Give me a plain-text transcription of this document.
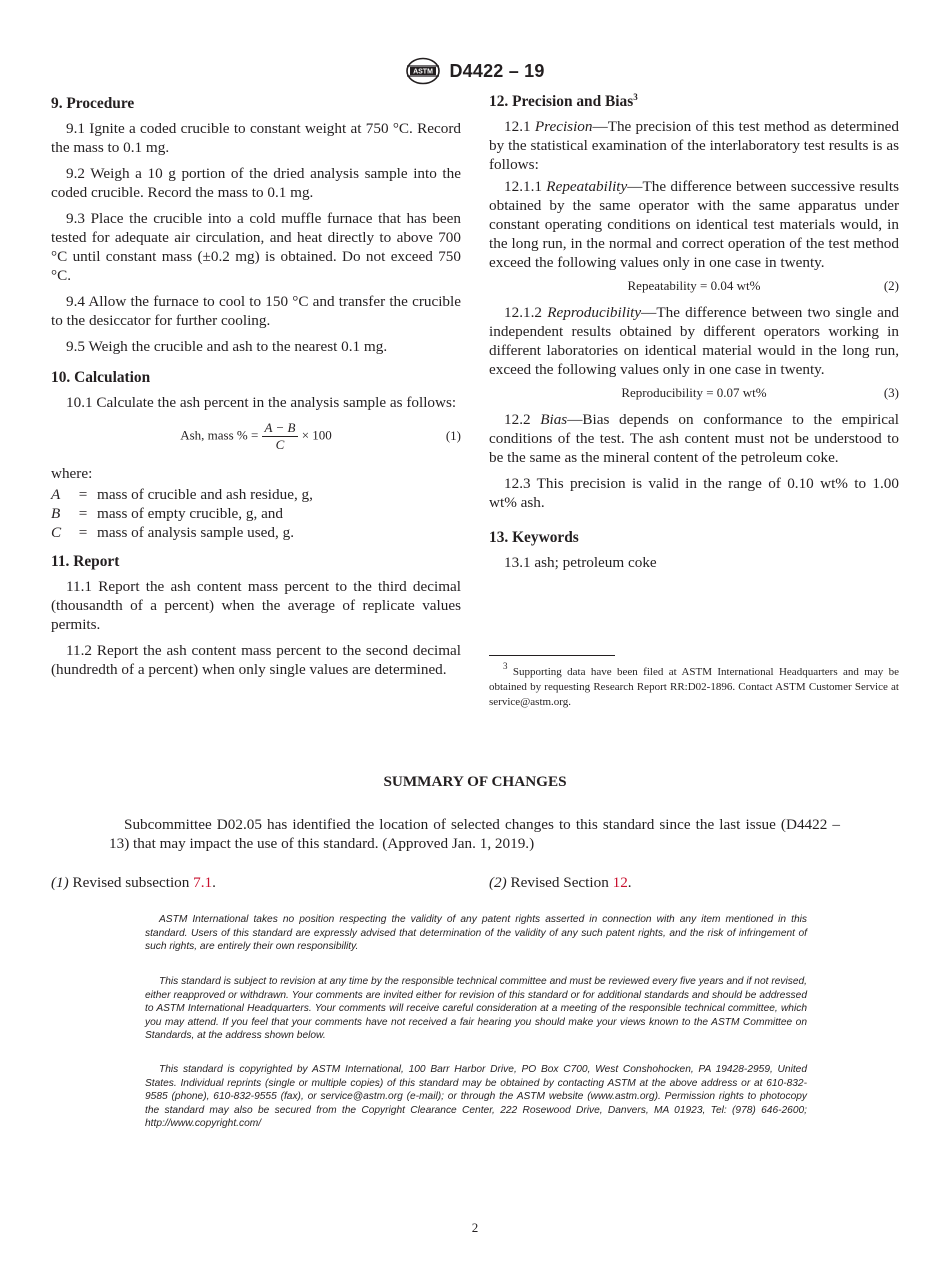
ASTM D4422 – 19

9. Procedure

9.1 Ignite a coded crucible to constant weight at 750 °C. Record the mass to 0.1 mg.

9.2 Weigh a 10 g portion of the dried analysis sample into the coded crucible. Record the mass to 0.1 mg.

9.3 Place the crucible into a cold muffle furnace that has been tested for adequate air circulation, and heat directly to above 700 °C until constant mass (±0.2 mg) is obtained. Do not exceed 750 °C.

9.4 Allow the furnace to cool to 150 °C and transfer the crucible to the desiccator for further cooling.

9.5 Weigh the crucible and ash to the nearest 0.1 mg.

10. Calculation

10.1 Calculate the ash percent in the analysis sample as follows:

Ash, mass % = $\frac{A - B}{C} \times 100$	(1)

where:

A	= mass of crucible and ash residue, g,
B	= mass of empty crucible, g, and
C	= mass of analysis sample used, g.

11. Report

11.1 Report the ash content mass percent to the third decimal (thousandth of a percent) when the average of replicate values permits.

11.2 Report the ash content mass percent to the second decimal (hundredth of a percent) when only single values are determined.

12. Precision and Bias$^3$

12.1 Precision—The precision of this test method as determined by the statistical examination of the interlaboratory test results is as follows:

12.1.1 Repeatability—The difference between successive results obtained by the same operator with the same apparatus under constant operating conditions on identical test materials would, in the long run, in the normal and correct operation of the test method exceed the following values only in one case in twenty.

Repeatability = 0.04 wt%	(2)

12.1.2 Reproducibility—The difference between two single and independent results obtained by different operators working in different laboratories on identical material would in the long run, exceed the following values only in one case in twenty.

Reproducibility = 0.07 wt%	(3)

12.2 Bias—Bias depends on conformance to the empirical conditions of the test. The ash content must not be understood to be the same as the mineral content of the petroleum coke.

12.3 This precision is valid in the range of 0.10 wt% to 1.00 wt% ash.

13. Keywords

13.1 ash; petroleum coke

$^3$ Supporting data have been filed at ASTM International Headquarters and may be obtained by requesting Research Report RR:D02-1896. Contact ASTM Customer Service at service@astm.org.
SUMMARY OF CHANGES

Subcommittee D02.05 has identified the location of selected changes to this standard since the last issue (D4422 – 13) that may impact the use of this standard. (Approved Jan. 1, 2019.)

(1) Revised subsection 7.1.	(2) Revised Section 12.

ASTM International takes no position respecting the validity of any patent rights asserted in connection with any item mentioned in this standard. Users of this standard are expressly advised that determination of the validity of any such patent rights, and the risk of infringement of such rights, are entirely their own responsibility.

This standard is subject to revision at any time by the responsible technical committee and must be reviewed every five years and if not revised, either reapproved or withdrawn. Your comments are invited either for revision of this standard or for additional standards and should be addressed to ASTM International Headquarters. Your comments will receive careful consideration at a meeting of the responsible technical committee, which you may attend. If you feel that your comments have not received a fair hearing you should make your views known to the ASTM Committee on Standards, at the address shown below.

This standard is copyrighted by ASTM International, 100 Barr Harbor Drive, PO Box C700, West Conshohocken, PA 19428-2959, United States. Individual reprints (single or multiple copies) of this standard may be obtained by contacting ASTM at the above address or at 610-832-9585 (phone), 610-832-9555 (fax), or service@astm.org (e-mail); or through the ASTM website (www.astm.org). Permission rights to photocopy the standard may also be secured from the Copyright Clearance Center, 222 Rosewood Drive, Danvers, MA 01923, Tel: (978) 646-2600; http://www.copyright.com/

2
